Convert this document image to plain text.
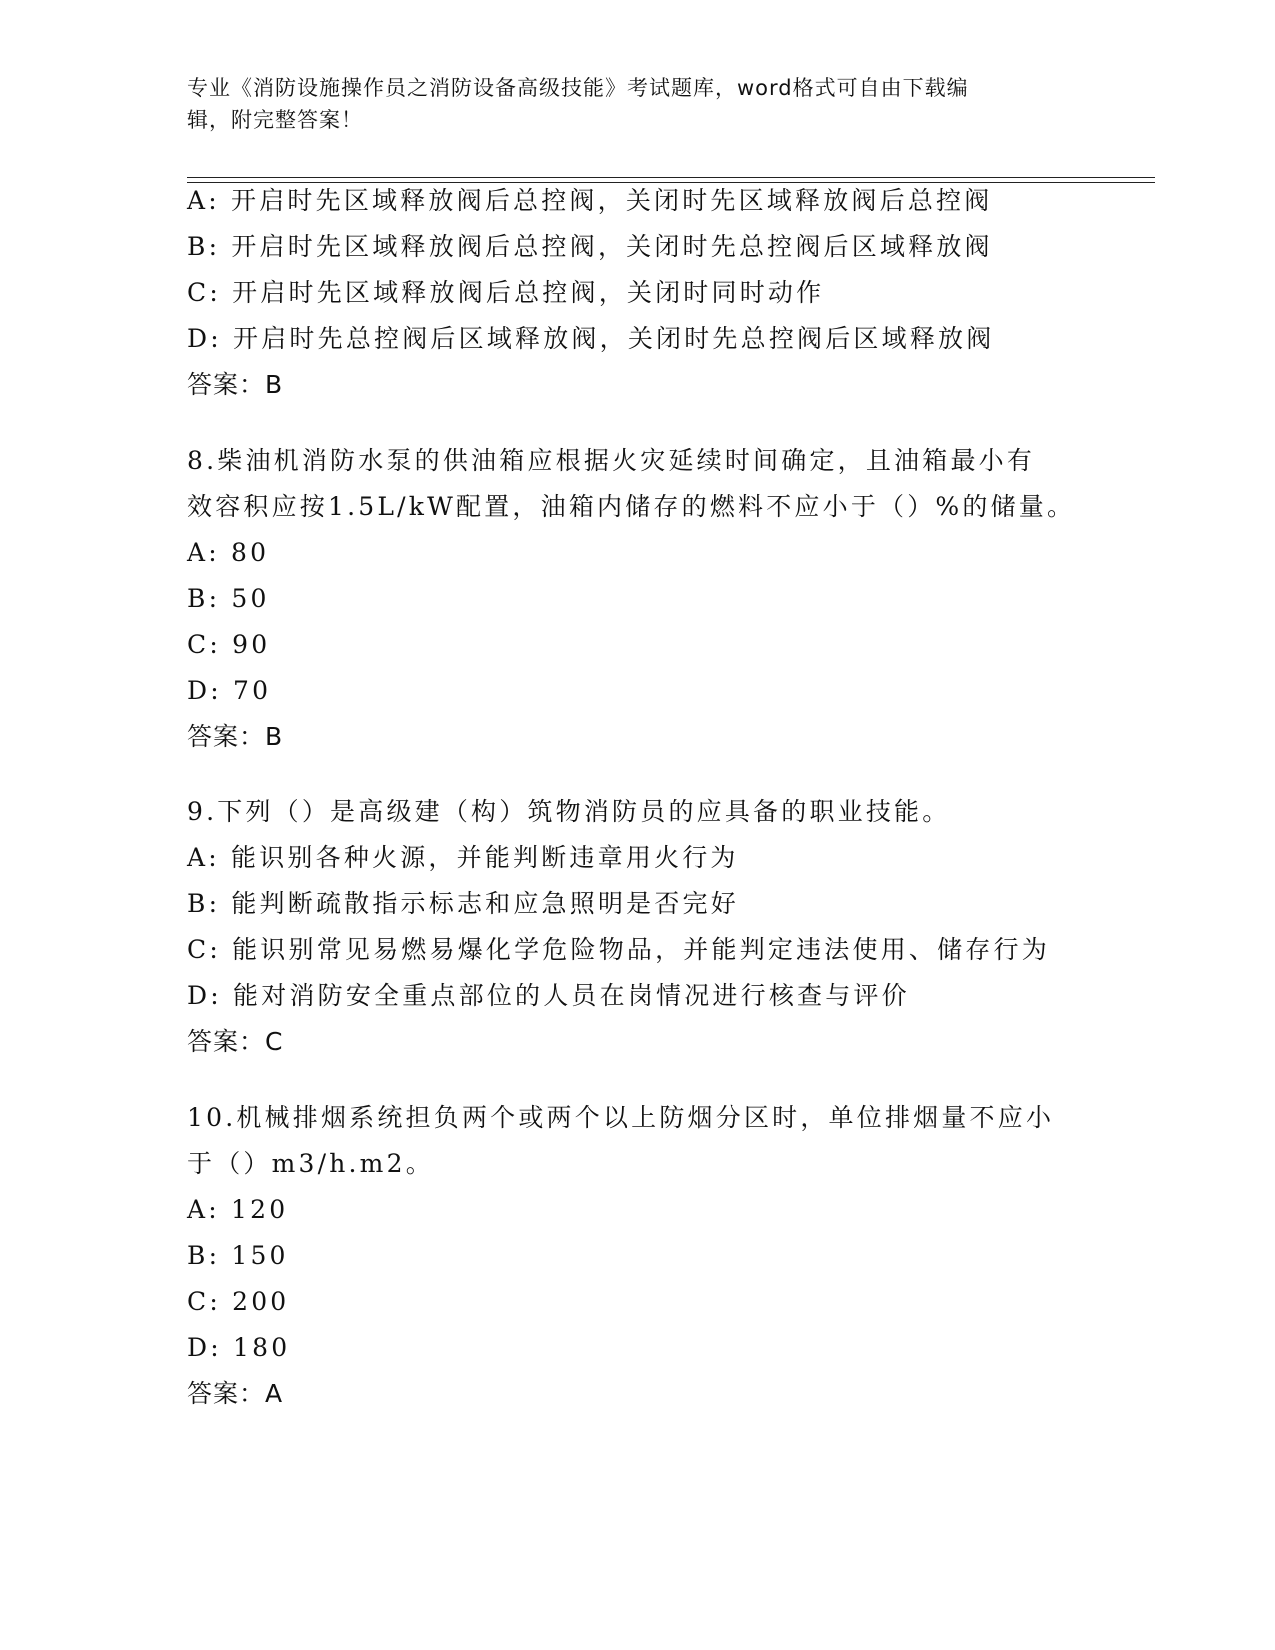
专业《消防设施操作员之消防设备高级技能》考试题库，word格式可自由下载编
辑，附完整答案！
A: 开启时先区域释放阀后总控阀，关闭时先区域释放阀后总控阀
B: 开启时先区域释放阀后总控阀，关闭时先总控阀后区域释放阀
C: 开启时先区域释放阀后总控阀，关闭时同时动作
D: 开启时先总控阀后区域释放阀，关闭时先总控阀后区域释放阀
答案：B
8.柴油机消防水泵的供油箱应根据火灾延续时间确定，且油箱最小有
效容积应按1.5L/kW配置，油箱内储存的燃料不应小于（）%的储量。
A: 80
B: 50
C: 90
D: 70
答案：B
9.下列（）是高级建（构）筑物消防员的应具备的职业技能。
A: 能识别各种火源，并能判断违章用火行为
B: 能判断疏散指示标志和应急照明是否完好
C: 能识别常见易燃易爆化学危险物品，并能判定违法使用、储存行为
D: 能对消防安全重点部位的人员在岗情况进行核查与评价
答案：C
10.机械排烟系统担负两个或两个以上防烟分区时，单位排烟量不应小
于（）m3/h.m2。
A: 120
B: 150
C: 200
D: 180
答案：A
